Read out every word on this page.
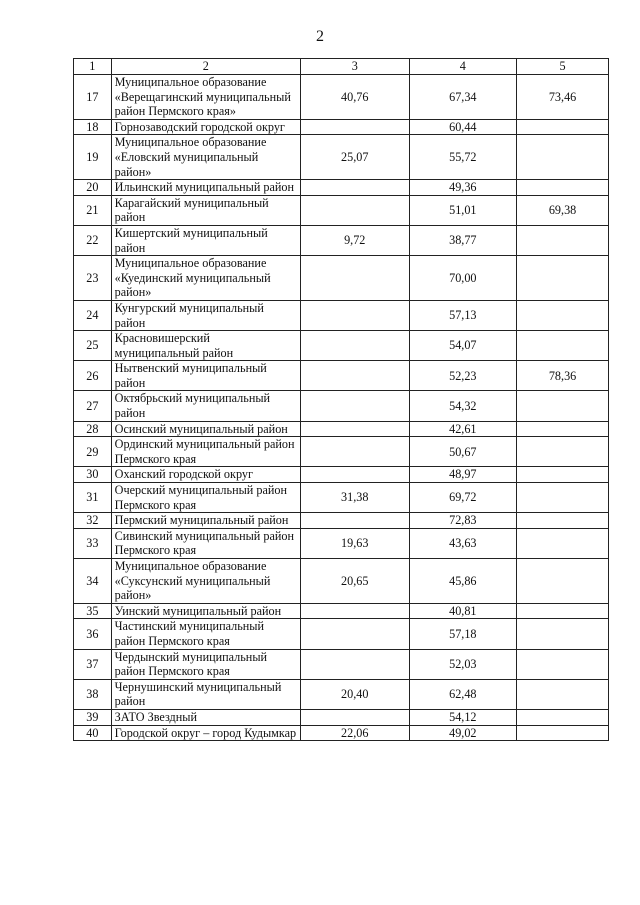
2
1	2	3	4	5
17	Муниципальное образование «Верещагинский муниципальный район Пермского края»	40,76	67,34	73,46
18	Горнозаводский городской округ		60,44	
19	Муниципальное образование «Еловский муниципальный район»	25,07	55,72	
20	Ильинский муниципальный район		49,36	
21	Карагайский муниципальный район		51,01	69,38
22	Кишертский муниципальный район	9,72	38,77	
23	Муниципальное образование «Куединский муниципальный район»		70,00	
24	Кунгурский муниципальный район		57,13	
25	Красновишерский муниципальный район		54,07	
26	Нытвенский муниципальный район		52,23	78,36
27	Октябрьский муниципальный район		54,32	
28	Осинский муниципальный район		42,61	
29	Ординский муниципальный район Пермского края		50,67	
30	Оханский городской округ		48,97	
31	Очерский муниципальный район Пермского края	31,38	69,72	
32	Пермский муниципальный район		72,83	
33	Сивинский муниципальный район Пермского края	19,63	43,63	
34	Муниципальное образование «Суксунский муниципальный район»	20,65	45,86	
35	Уинский муниципальный район		40,81	
36	Частинский муниципальный район Пермского края		57,18	
37	Чердынский муниципальный район Пермского края		52,03	
38	Чернушинский муниципальный район	20,40	62,48	
39	ЗАТО Звездный		54,12	
40	Городской округ – город Кудымкар	22,06	49,02	
